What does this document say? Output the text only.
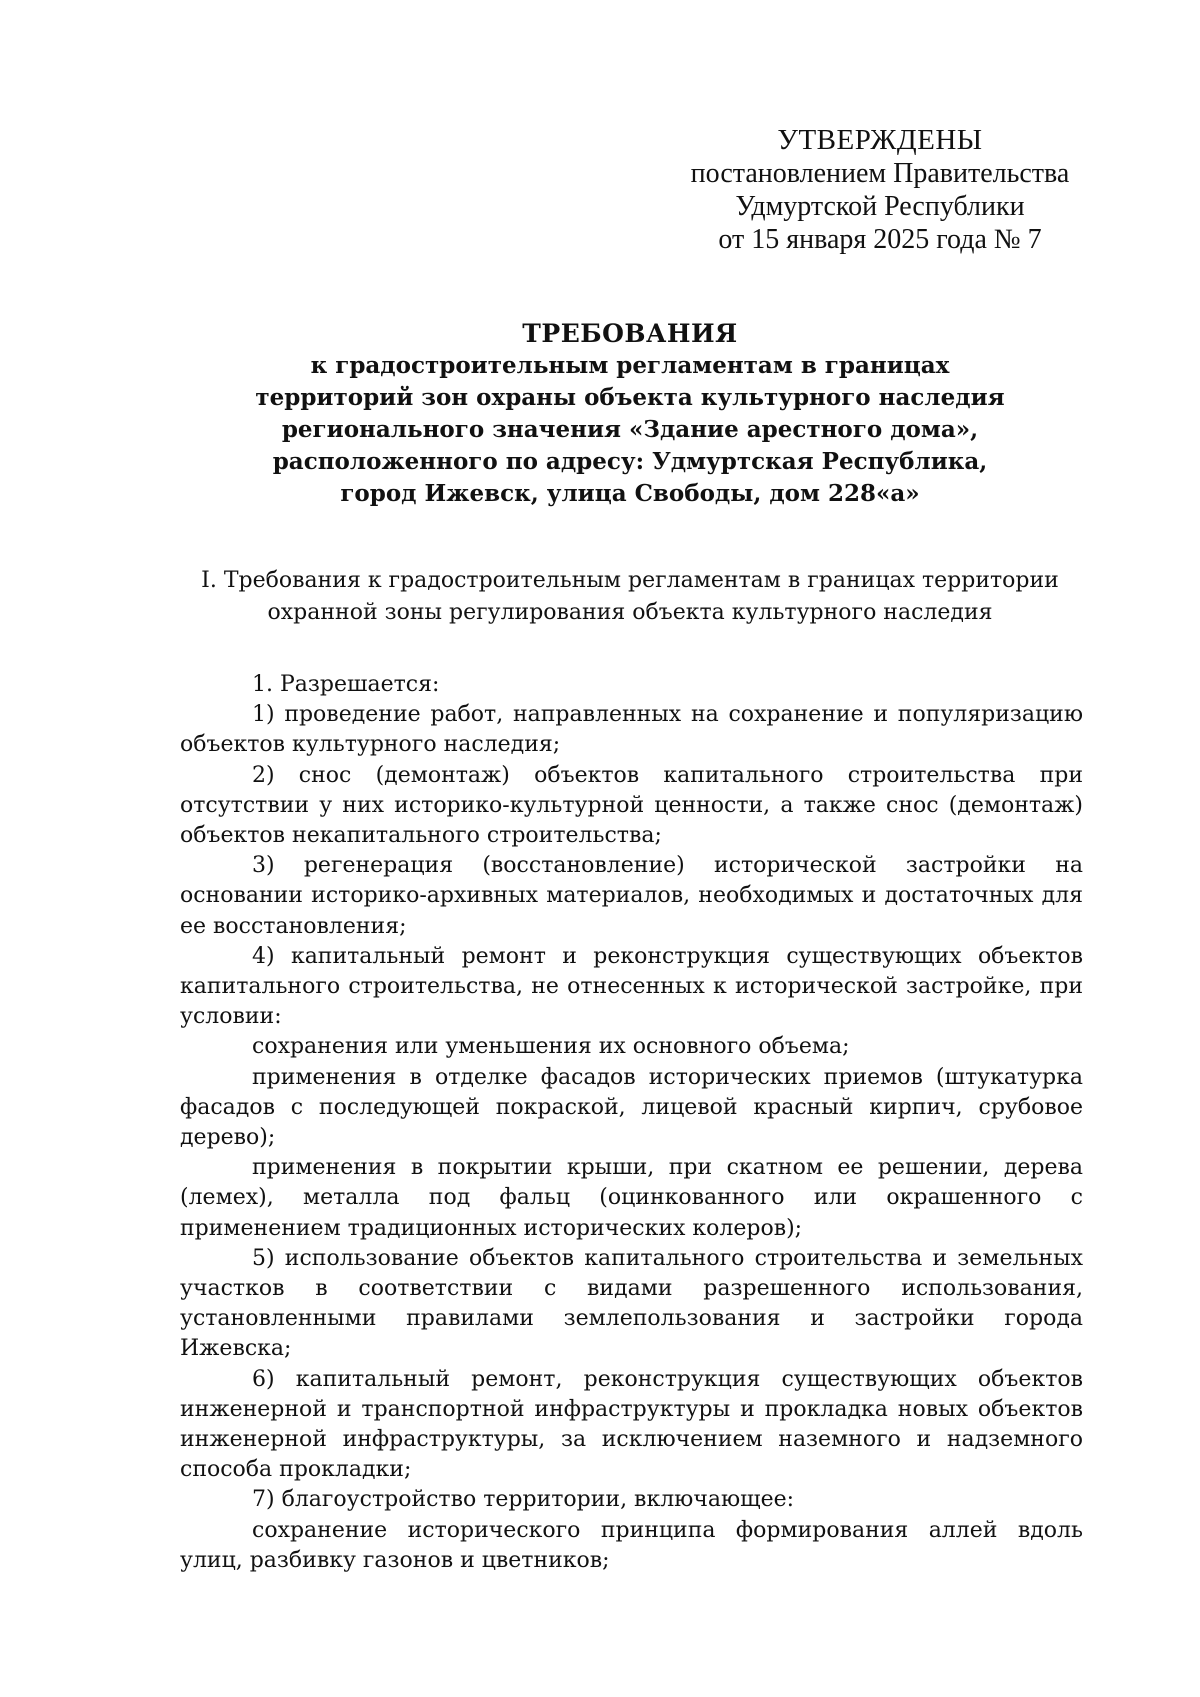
УТВЕРЖДЕНЫ
постановлением Правительства
Удмуртской Республики
от 15 января 2025 года № 7
ТРЕБОВАНИЯ
к градостроительным регламентам в границах
территорий зон охраны объекта культурного наследия
регионального значения «Здание арестного дома»,
расположенного по адресу: Удмуртская Республика,
город Ижевск, улица Свободы, дом 228«а»
I. Требования к градостроительным регламентам в границах территории
охранной зоны регулирования объекта культурного наследия

1. Разрешается:

1) проведение работ, направленных на сохранение и популяризацию объектов культурного наследия;

2) снос (демонтаж) объектов капитального строительства при отсутствии у них историко-культурной ценности, а также снос (демонтаж) объектов некапитального строительства;

3) регенерация (восстановление) исторической застройки на основании историко-архивных материалов, необходимых и достаточных для ее восстановления;

4) капитальный ремонт и реконструкция существующих объектов капитального строительства, не отнесенных к исторической застройке, при условии:

сохранения или уменьшения их основного объема;

применения в отделке фасадов исторических приемов (штукатурка фасадов с последующей покраской, лицевой красный кирпич, срубовое дерево);

применения в покрытии крыши, при скатном ее решении, дерева (лемех), металла под фальц (оцинкованного или окрашенного с применением традиционных исторических колеров);

5) использование объектов капитального строительства и земельных участков в соответствии с видами разрешенного использования, установленными правилами землепользования и застройки города Ижевска;

6) капитальный ремонт, реконструкция существующих объектов инженерной и транспортной инфраструктуры и прокладка новых объектов инженерной инфраструктуры, за исключением наземного и надземного способа прокладки;

7) благоустройство территории, включающее:

сохранение исторического принципа формирования аллей вдоль улиц, разбивку газонов и цветников;
